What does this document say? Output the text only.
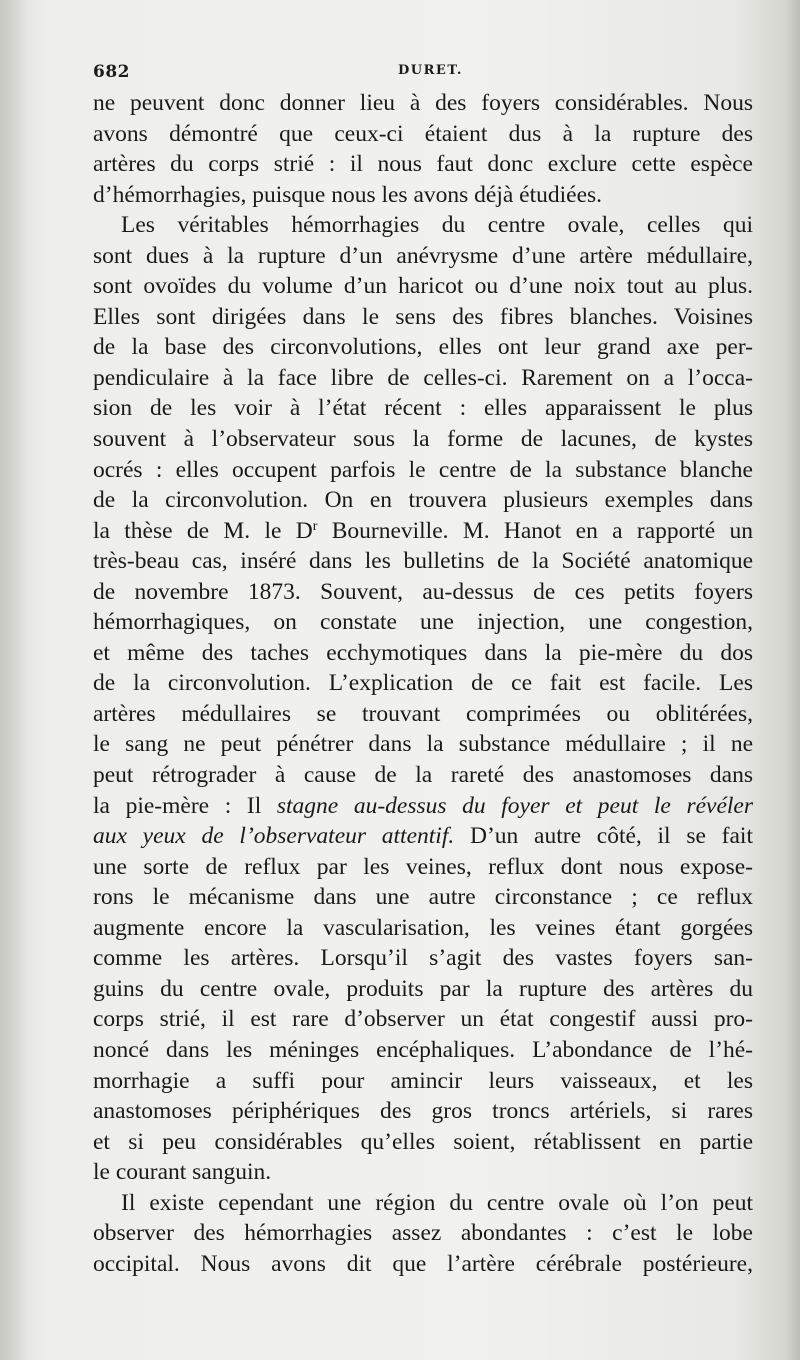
682	DURET.
ne peuvent donc donner lieu à des foyers considérables. Nous
avons démontré que ceux-ci étaient dus à la rupture des
artères du corps strié : il nous faut donc exclure cette espèce
d’hémorrhagies, puisque nous les avons déjà étudiées.
Les véritables hémorrhagies du centre ovale, celles qui
sont dues à la rupture d’un anévrysme d’une artère médullaire,
sont ovoïdes du volume d’un haricot ou d’une noix tout au plus.
Elles sont dirigées dans le sens des fibres blanches. Voisines
de la base des circonvolutions, elles ont leur grand axe per-
pendiculaire à la face libre de celles-ci. Rarement on a l’occa-
sion de les voir à l’état récent : elles apparaissent le plus
souvent à l’observateur sous la forme de lacunes, de kystes
ocrés : elles occupent parfois le centre de la substance blanche
de la circonvolution. On en trouvera plusieurs exemples dans
la thèse de M. le $D^r$ Bourneville. M. Hanot en a rapporté un
très-beau cas, inséré dans les bulletins de la Société anatomique
de novembre 1873. Souvent, au-dessus de ces petits foyers
hémorrhagiques, on constate une injection, une congestion,
et même des taches ecchymotiques dans la pie-mère du dos
de la circonvolution. L’explication de ce fait est facile. Les
artères médullaires se trouvant comprimées ou oblitérées,
le sang ne peut pénétrer dans la substance médullaire ; il ne
peut rétrograder à cause de la rareté des anastomoses dans
la pie-mère : Il stagne au-dessus du foyer et peut le révéler
aux yeux de l’observateur attentif. D’un autre côté, il se fait
une sorte de reflux par les veines, reflux dont nous expose-
rons le mécanisme dans une autre circonstance ; ce reflux
augmente encore la vascularisation, les veines étant gorgées
comme les artères. Lorsqu’il s’agit des vastes foyers san-
guins du centre ovale, produits par la rupture des artères du
corps strié, il est rare d’observer un état congestif aussi pro-
noncé dans les méninges encéphaliques. L’abondance de l’hé-
morrhagie a suffi pour amincir leurs vaisseaux, et les
anastomoses périphériques des gros troncs artériels, si rares
et si peu considérables qu’elles soient, rétablissent en partie
le courant sanguin.
Il existe cependant une région du centre ovale où l’on peut
observer des hémorrhagies assez abondantes : c’est le lobe
occipital. Nous avons dit que l’artère cérébrale postérieure,
